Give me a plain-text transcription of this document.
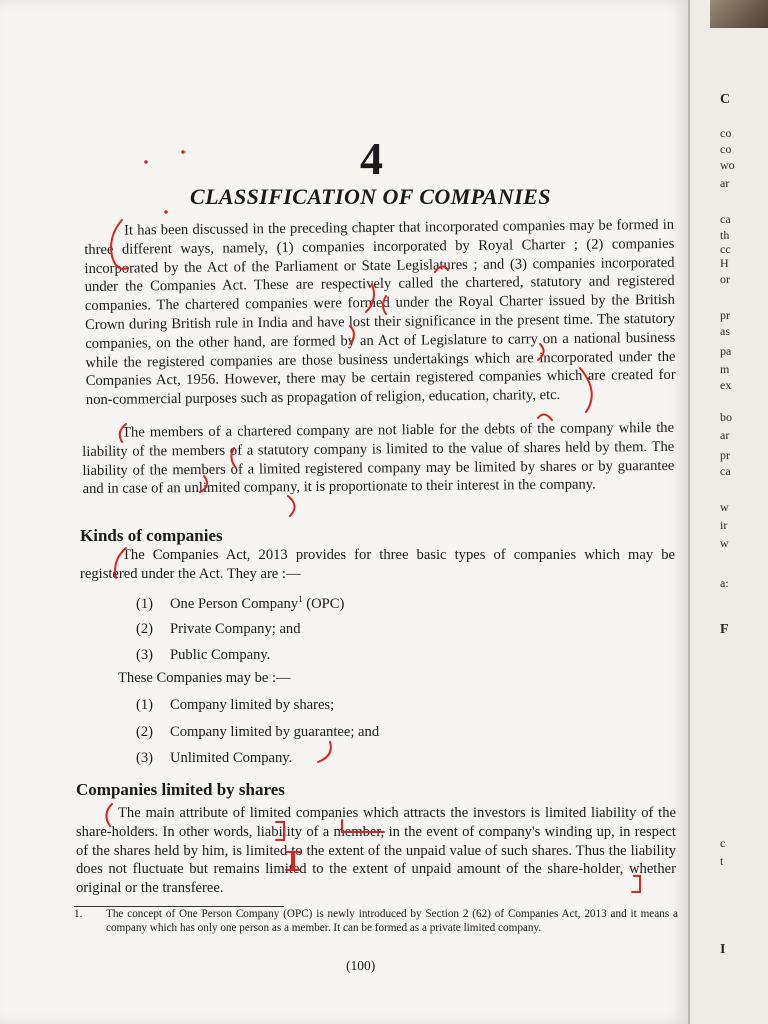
4
CLASSIFICATION OF COMPANIES
It has been discussed in the preceding chapter that incorporated companies may be formed in three different ways, namely, (1) companies incorporated by Royal Charter ; (2) companies incorporated by the Act of the Parliament or State Legislatures ; and (3) companies incorporated under the Companies Act. These are respectively called the chartered, statutory and registered companies. The chartered companies were formed under the Royal Charter issued by the British Crown during British rule in India and have lost their significance in the present time. The statutory companies, on the other hand, are formed by an Act of Legislature to carry on a national business while the registered companies are those business undertakings which are incorporated under the Companies Act, 1956. However, there may be certain registered companies which are created for non-commercial purposes such as propagation of religion, education, charity, etc.
The members of a chartered company are not liable for the debts of the company while the liability of the members of a statutory company is limited to the value of shares held by them. The liability of the members of a limited registered company may be limited by shares or by guarantee and in case of an unlimited company, it is proportionate to their interest in the company.
Kinds of companies
The Companies Act, 2013 provides for three basic types of companies which may be registered under the Act. They are :—
(1) One Person Company$^1$ (OPC)
(2) Private Company; and
(3) Public Company.
These Companies may be :—
(1) Company limited by shares;
(2) Company limited by guarantee; and
(3) Unlimited Company.
Companies limited by shares
The main attribute of limited companies which attracts the investors is limited liability of the share-holders. In other words, liability of a member, in the event of company's winding up, in respect of the shares held by him, is limited to the extent of the unpaid value of such shares. Thus the liability does not fluctuate but remains limited to the extent of unpaid amount of the share-holder, whether original or the transferee.
1.	The concept of One Person Company (OPC) is newly introduced by Section 2 (62) of Companies Act, 2013 and it means a company which has only one person as a member. It can be formed as a private limited company.
(100)
C
co
co
wo
ar
ca
th
cc
H
or
pr
as
pa
m
ex
bo
ar
pr
ca
w
ir
w
a:
F
c
t
I
